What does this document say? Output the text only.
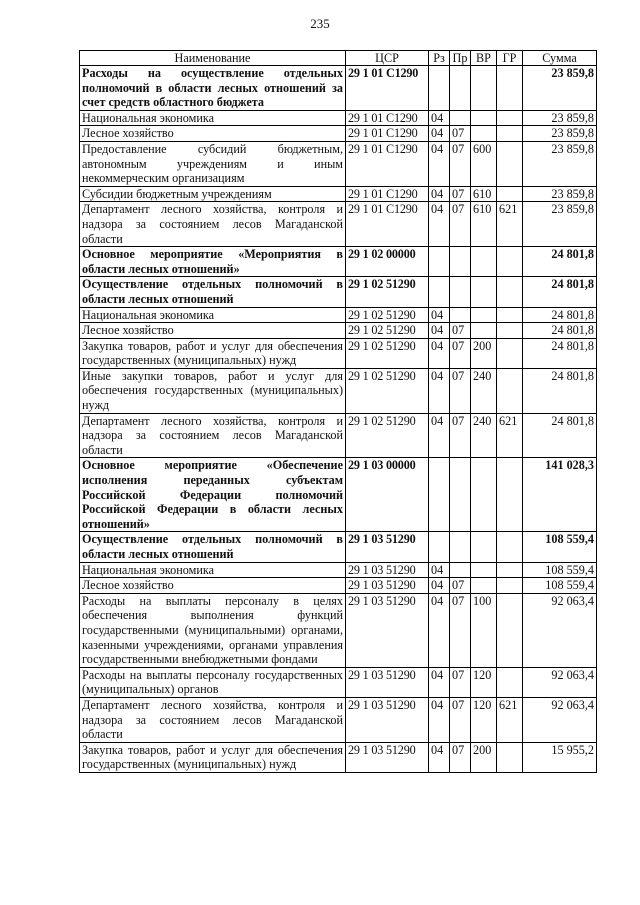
235
Наименование	ЦСР	Рз	Пр	ВР	ГР	Сумма
Расходы на осуществление отдельных полномочий в области лесных отношений за счет средств областного бюджета	29 1 01 С1290					23 859,8
Национальная экономика	29 1 01 С1290	04				23 859,8
Лесное хозяйство	29 1 01 С1290	04	07			23 859,8
Предоставление субсидий бюджетным, автономным учреждениям и иным некоммерческим организациям	29 1 01 С1290	04	07	600		23 859,8
Субсидии бюджетным учреждениям	29 1 01 С1290	04	07	610		23 859,8
Департамент лесного хозяйства, контроля и надзора за состоянием лесов Магаданской области	29 1 01 С1290	04	07	610	621	23 859,8
Основное мероприятие «Мероприятия в области лесных отношений»	29 1 02 00000					24 801,8
Осуществление отдельных полномочий в области лесных отношений	29 1 02 51290					24 801,8
Национальная экономика	29 1 02 51290	04				24 801,8
Лесное хозяйство	29 1 02 51290	04	07			24 801,8
Закупка товаров, работ и услуг для обеспечения государственных (муниципальных) нужд	29 1 02 51290	04	07	200		24 801,8
Иные закупки товаров, работ и услуг для обеспечения государственных (муниципальных) нужд	29 1 02 51290	04	07	240		24 801,8
Департамент лесного хозяйства, контроля и надзора за состоянием лесов Магаданской области	29 1 02 51290	04	07	240	621	24 801,8
Основное мероприятие «Обеспечение исполнения переданных субъектам Российской Федерации полномочий Российской Федерации в области лесных отношений»	29 1 03 00000					141 028,3
Осуществление отдельных полномочий в области лесных отношений	29 1 03 51290					108 559,4
Национальная экономика	29 1 03 51290	04				108 559,4
Лесное хозяйство	29 1 03 51290	04	07			108 559,4
Расходы на выплаты персоналу в целях обеспечения выполнения функций государственными (муниципальными) органами, казенными учреждениями, органами управления государственными внебюджетными фондами	29 1 03 51290	04	07	100		92 063,4
Расходы на выплаты персоналу государственных (муниципальных) органов	29 1 03 51290	04	07	120		92 063,4
Департамент лесного хозяйства, контроля и надзора за состоянием лесов Магаданской области	29 1 03 51290	04	07	120	621	92 063,4
Закупка товаров, работ и услуг для обеспечения государственных (муниципальных) нужд	29 1 03 51290	04	07	200		15 955,2
